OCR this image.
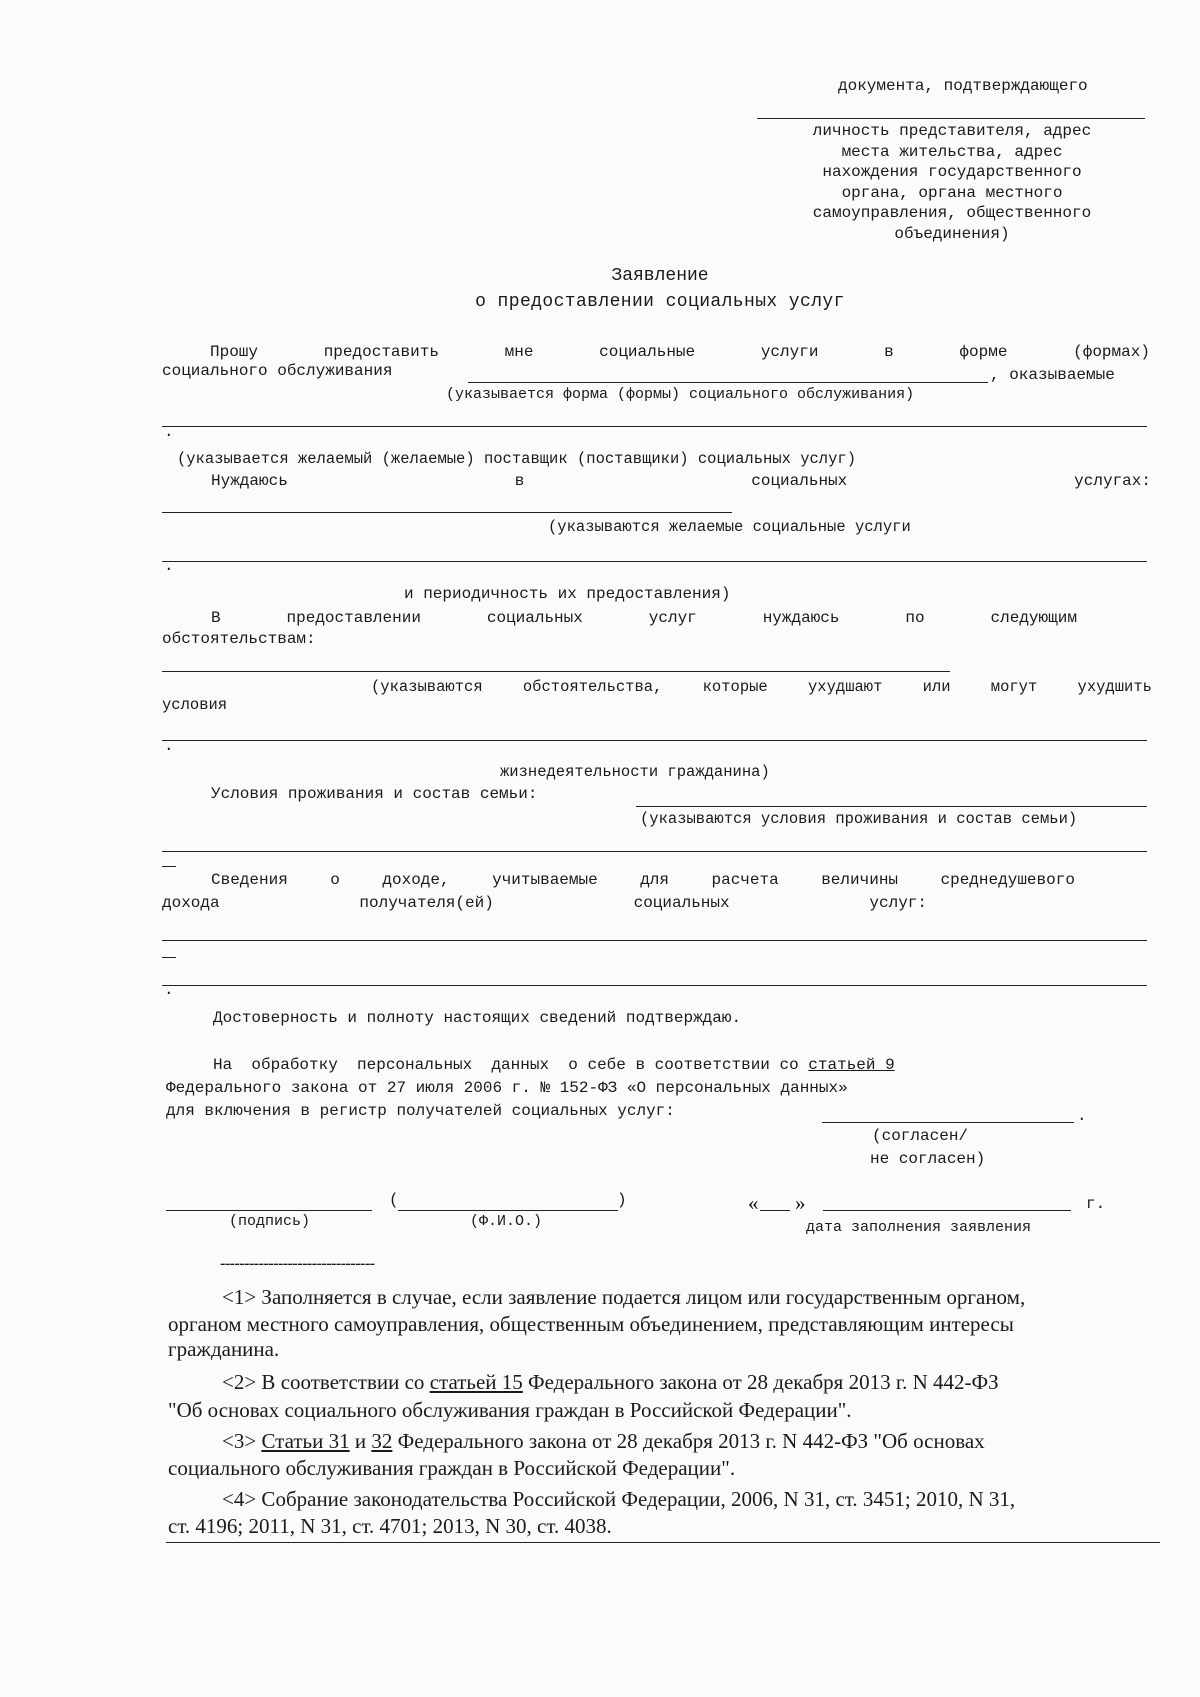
документа, подтверждающего
личность представителя, адрес
места жительства, адрес
нахождения государственного
органа, органа местного
самоуправления, общественного
объединения)
Заявление
о предоставлении социальных услуг
Прошу	предоставить	мне	социальные	услуги	в	форме	(формах)
социального обслуживания	, оказываемые
(указывается форма (формы) социального обслуживания)
.
(указывается желаемый (желаемые) поставщик (поставщики) социальных услуг)
Нуждаюсь	в	социальных	услугах:
(указываются желаемые социальные услуги
.
и периодичность их предоставления)
В	предоставлении	социальных	услуг	нуждаюсь	по	следующим
обстоятельствам:
(указываются	обстоятельства,	которые	ухудшают	или	могут	ухудшить
условия
.
жизнедеятельности гражданина)
Условия проживания и состав семьи:
(указываются условия проживания и состав семьи)
Сведения	о	доходе,	учитываемые	для	расчета	величины	среднедушевого
дохода	получателя(ей)	социальных	услуг:
.
Достоверность и полноту настоящих сведений подтверждаю.
На  обработку  персональных  данных  о себе в соответствии со статьей 9
Федерального закона от 27 июля 2006 г. № 152-ФЗ «О персональных данных»
для включения в регистр получателей социальных услуг:	.
(согласен/
не согласен)
(	)
(подпись)	(Ф.И.О.)
« »	г.
дата заполнения заявления
--------------------------------
<1> Заполняется в случае, если заявление подается лицом или государственным органом,
органом местного самоуправления, общественным объединением, представляющим интересы
гражданина.
<2> В соответствии со статьей 15 Федерального закона от 28 декабря 2013 г. N 442-ФЗ
"Об основах социального обслуживания граждан в Российской Федерации".
<3> Статьи 31 и 32 Федерального закона от 28 декабря 2013 г. N 442-ФЗ "Об основах
социального обслуживания граждан в Российской Федерации".
<4> Собрание законодательства Российской Федерации, 2006, N 31, ст. 3451; 2010, N 31,
ст. 4196; 2011, N 31, ст. 4701; 2013, N 30, ст. 4038.
